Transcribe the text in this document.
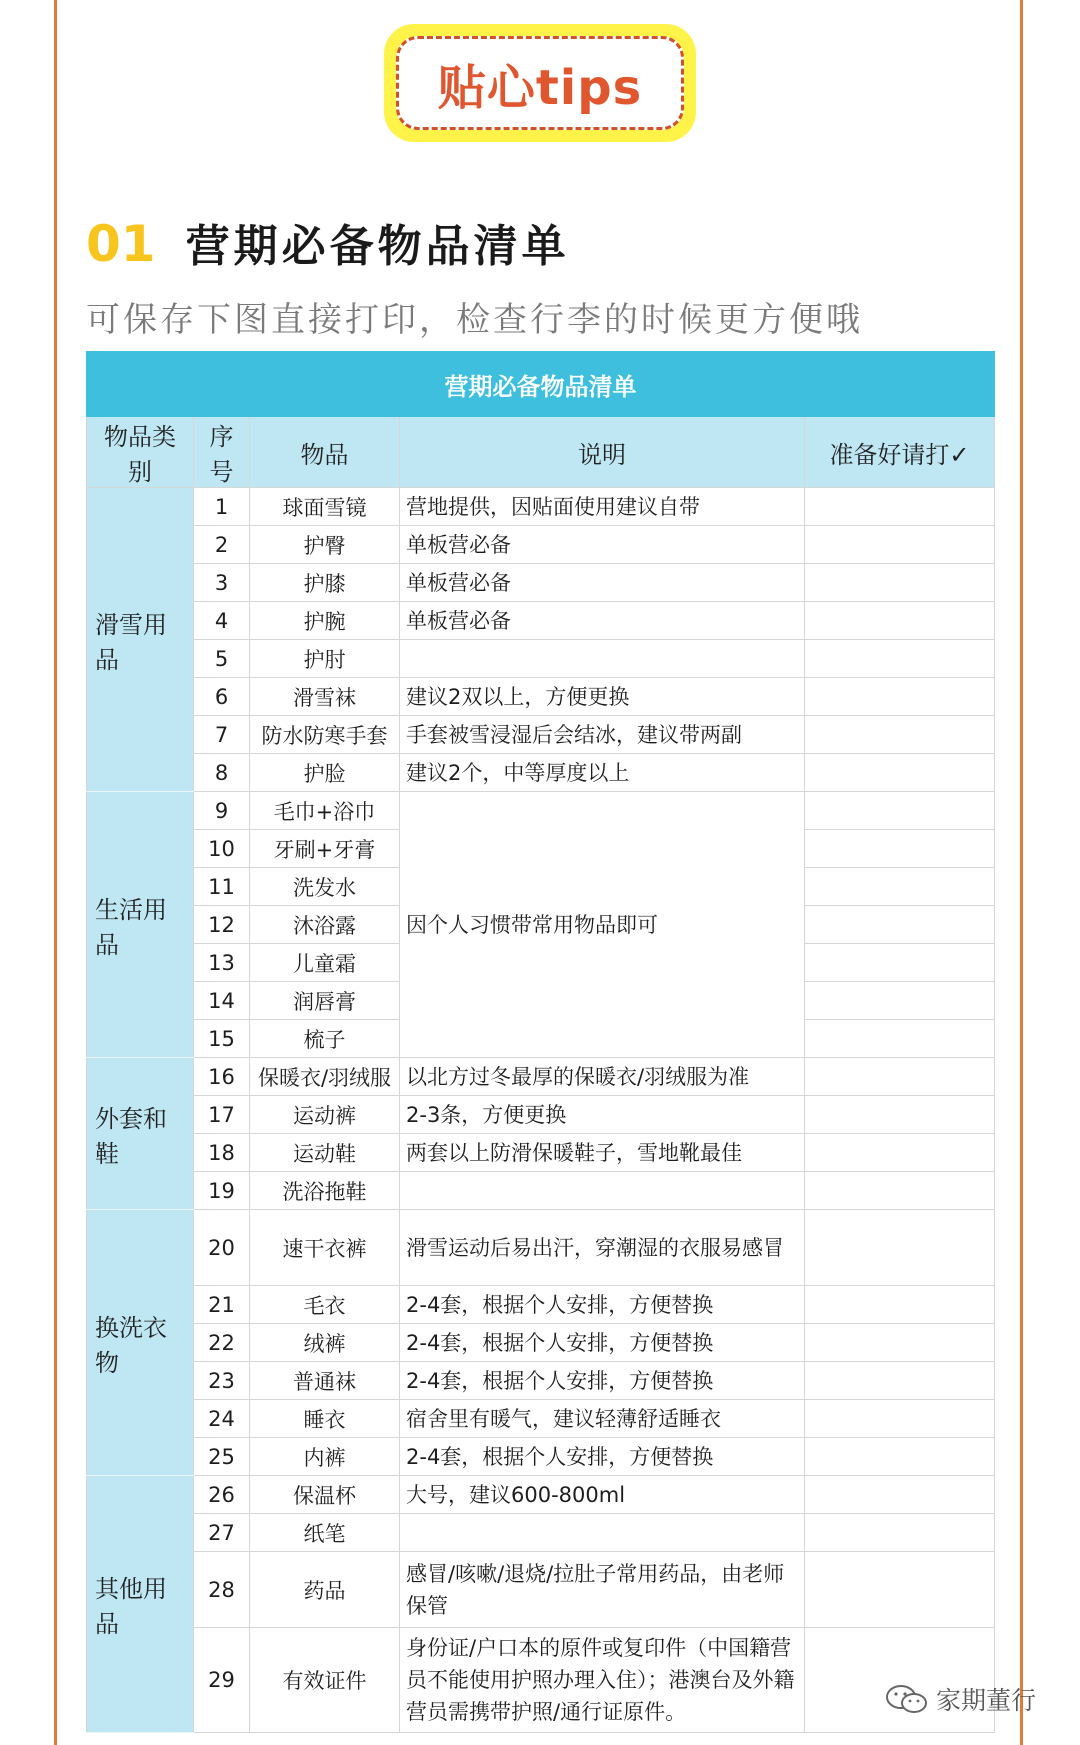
贴心tips
01 营期必备物品清单
可保存下图直接打印，检查行李的时候更方便哦
营期必备物品清单				
物品类别	序号	物品	说明	准备好请打✓
滑雪用品	1	球面雪镜	营地提供，因贴面使用建议自带	
	2	护臀	单板营必备	
	3	护膝	单板营必备	
	4	护腕	单板营必备	
	5	护肘		
	6	滑雪袜	建议2双以上，方便更换	
	7	防水防寒手套	手套被雪浸湿后会结冰，建议带两副	
	8	护脸	建议2个，中等厚度以上	
生活用品	9	毛巾+浴巾	因个人习惯带常用物品即可	
	10	牙刷+牙膏		
	11	洗发水		
	12	沐浴露		
	13	儿童霜		
	14	润唇膏		
	15	梳子		
外套和鞋	16	保暖衣/羽绒服	以北方过冬最厚的保暖衣/羽绒服为准	
	17	运动裤	2-3条，方便更换	
	18	运动鞋	两套以上防滑保暖鞋子，雪地靴最佳	
	19	洗浴拖鞋		
换洗衣物	20	速干衣裤	滑雪运动后易出汗，穿潮湿的衣服易感冒	
	21	毛衣	2-4套，根据个人安排，方便替换	
	22	绒裤	2-4套，根据个人安排，方便替换	
	23	普通袜	2-4套，根据个人安排，方便替换	
	24	睡衣	宿舍里有暖气，建议轻薄舒适睡衣	
	25	内裤	2-4套，根据个人安排，方便替换	
其他用品	26	保温杯	大号，建议600-800ml	
	27	纸笔		
	28	药品	感冒/咳嗽/退烧/拉肚子常用药品，由老师保管	
	29	有效证件	身份证/户口本的原件或复印件（中国籍营员不能使用护照办理入住）；港澳台及外籍营员需携带护照/通行证原件。		家期董行
